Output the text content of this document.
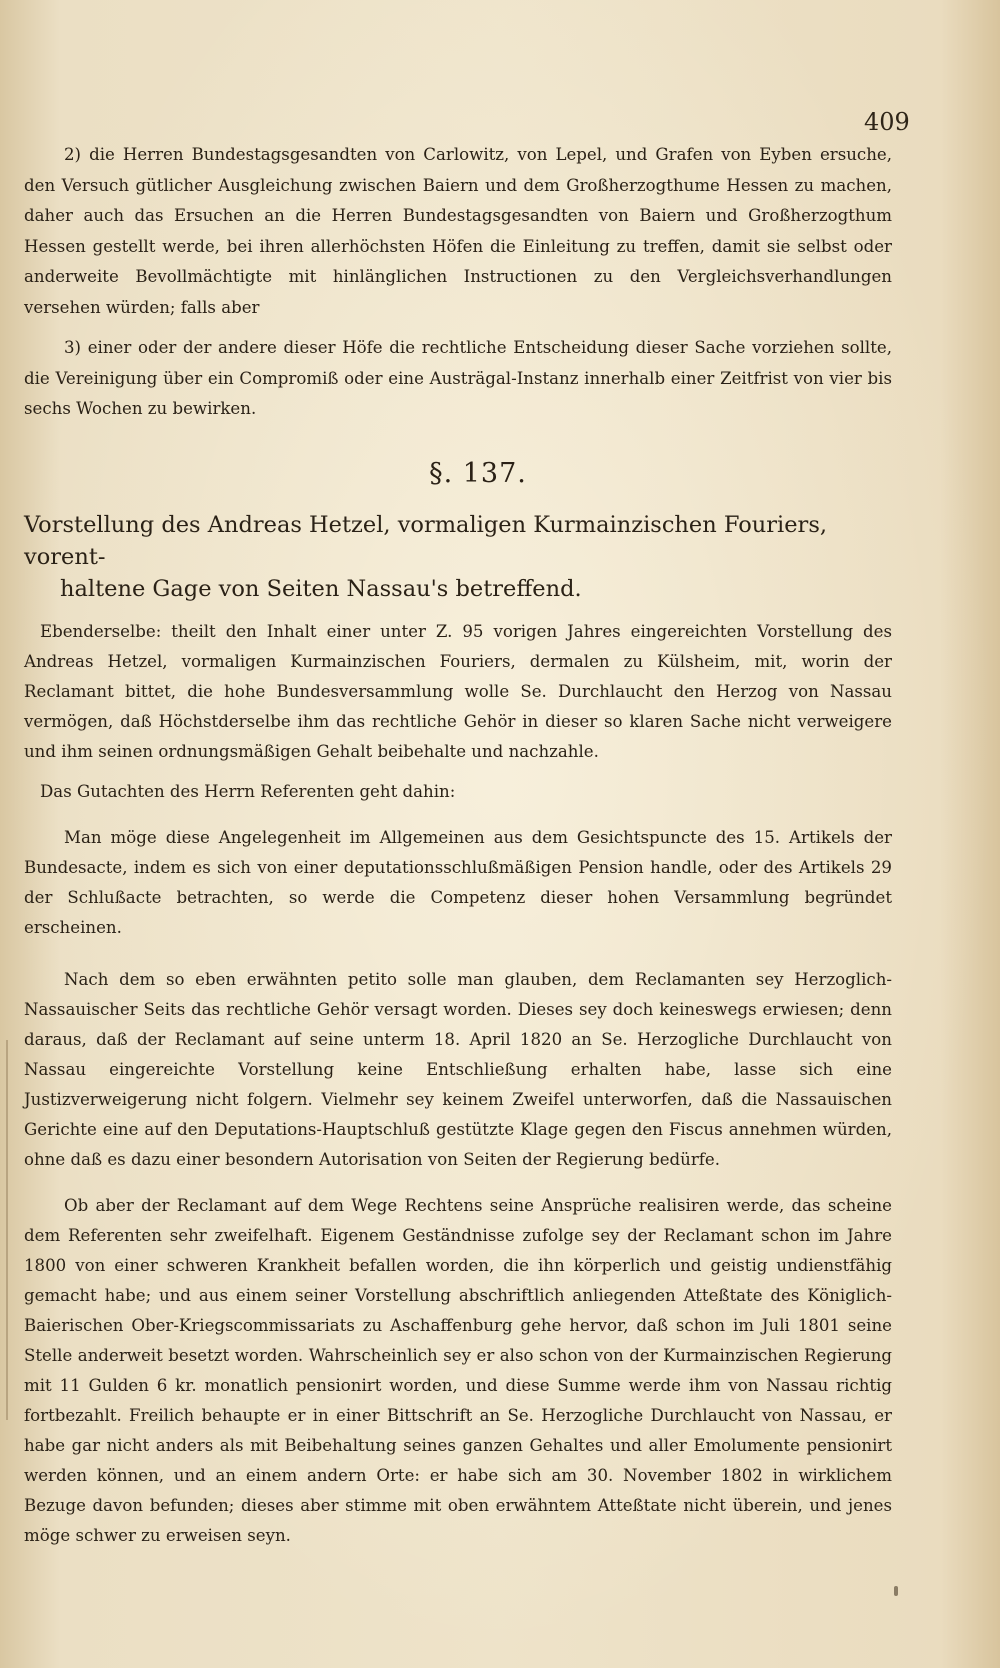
409

2) die Herren Bundestagsgesandten von Carlowitz, von Lepel, und Grafen von Eyben ersuche, den Versuch gütlicher Ausgleichung zwischen Baiern und dem Großherzogthume Hessen zu machen, daher auch das Ersuchen an die Herren Bundestagsgesandten von Baiern und Großherzogthum Hessen gestellt werde, bei ihren allerhöchsten Höfen die Einleitung zu treffen, damit sie selbst oder anderweite Bevollmächtigte mit hinlänglichen Instructionen zu den Vergleichsverhandlungen versehen würden; falls aber

3) einer oder der andere dieser Höfe die rechtliche Entscheidung dieser Sache vorziehen sollte, die Vereinigung über ein Compromiß oder eine Austrägal-Instanz innerhalb einer Zeitfrist von vier bis sechs Wochen zu bewirken.

§. 137.
Vorstellung des Andreas Hetzel, vormaligen Kurmainzischen Fouriers, vorent-
haltene Gage von Seiten Nassau's betreffend.

Ebenderselbe: theilt den Inhalt einer unter Z. 95 vorigen Jahres eingereichten Vorstellung des Andreas Hetzel, vormaligen Kurmainzischen Fouriers, dermalen zu Külsheim, mit, worin der Reclamant bittet, die hohe Bundesversammlung wolle Se. Durchlaucht den Herzog von Nassau vermögen, daß Höchstderselbe ihm das rechtliche Gehör in dieser so klaren Sache nicht verweigere und ihm seinen ordnungsmäßigen Gehalt beibehalte und nachzahle.

Das Gutachten des Herrn Referenten geht dahin:

Man möge diese Angelegenheit im Allgemeinen aus dem Gesichtspuncte des 15. Artikels der Bundesacte, indem es sich von einer deputationsschlußmäßigen Pension handle, oder des Artikels 29 der Schlußacte betrachten, so werde die Competenz dieser hohen Versammlung begründet erscheinen.

Nach dem so eben erwähnten petito solle man glauben, dem Reclamanten sey Herzoglich-Nassauischer Seits das rechtliche Gehör versagt worden. Dieses sey doch keineswegs erwiesen; denn daraus, daß der Reclamant auf seine unterm 18. April 1820 an Se. Herzogliche Durchlaucht von Nassau eingereichte Vorstellung keine Entschließung erhalten habe, lasse sich eine Justizverweigerung nicht folgern. Vielmehr sey keinem Zweifel unterworfen, daß die Nassauischen Gerichte eine auf den Deputations-Hauptschluß gestützte Klage gegen den Fiscus annehmen würden, ohne daß es dazu einer besondern Autorisation von Seiten der Regierung bedürfe.

Ob aber der Reclamant auf dem Wege Rechtens seine Ansprüche realisiren werde, das scheine dem Referenten sehr zweifelhaft. Eigenem Geständnisse zufolge sey der Reclamant schon im Jahre 1800 von einer schweren Krankheit befallen worden, die ihn körperlich und geistig undienstfähig gemacht habe; und aus einem seiner Vorstellung abschriftlich anliegenden Atteßtate des Königlich-Baierischen Ober-Kriegscommissariats zu Aschaffenburg gehe hervor, daß schon im Juli 1801 seine Stelle anderweit besetzt worden. Wahrscheinlich sey er also schon von der Kurmainzischen Regierung mit 11 Gulden 6 kr. monatlich pensionirt worden, und diese Summe werde ihm von Nassau richtig fortbezahlt. Freilich behaupte er in einer Bittschrift an Se. Herzogliche Durchlaucht von Nassau, er habe gar nicht anders als mit Beibehaltung seines ganzen Gehaltes und aller Emolumente pensionirt werden können, und an einem andern Orte: er habe sich am 30. November 1802 in wirklichem Bezuge davon befunden; dieses aber stimme mit oben erwähntem Atteßtate nicht überein, und jenes möge schwer zu erweisen seyn.
